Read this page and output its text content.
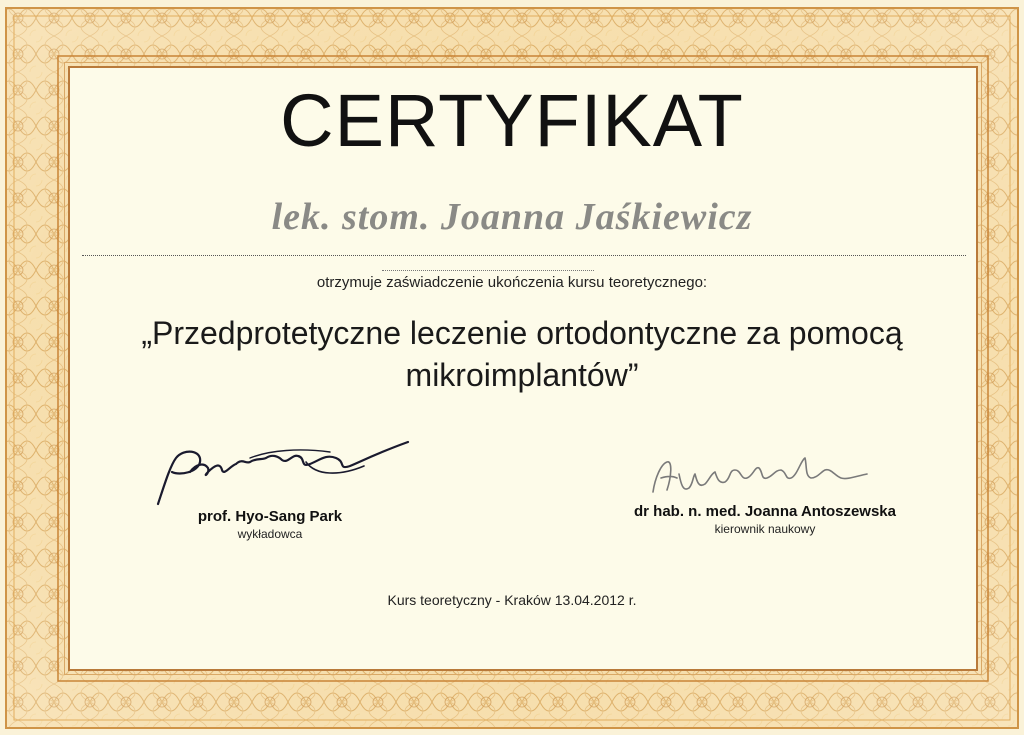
CERTYFIKAT
lek. stom. Joanna Jaśkiewicz
otrzymuje zaświadczenie ukończenia kursu teoretycznego:
„Przedprotetyczne leczenie ortodontyczne za pomocą
mikroimplantów”
prof. Hyo-Sang Park
wykładowca
dr hab. n. med. Joanna Antoszewska
kierownik naukowy
Kurs teoretyczny - Kraków 13.04.2012 r.
